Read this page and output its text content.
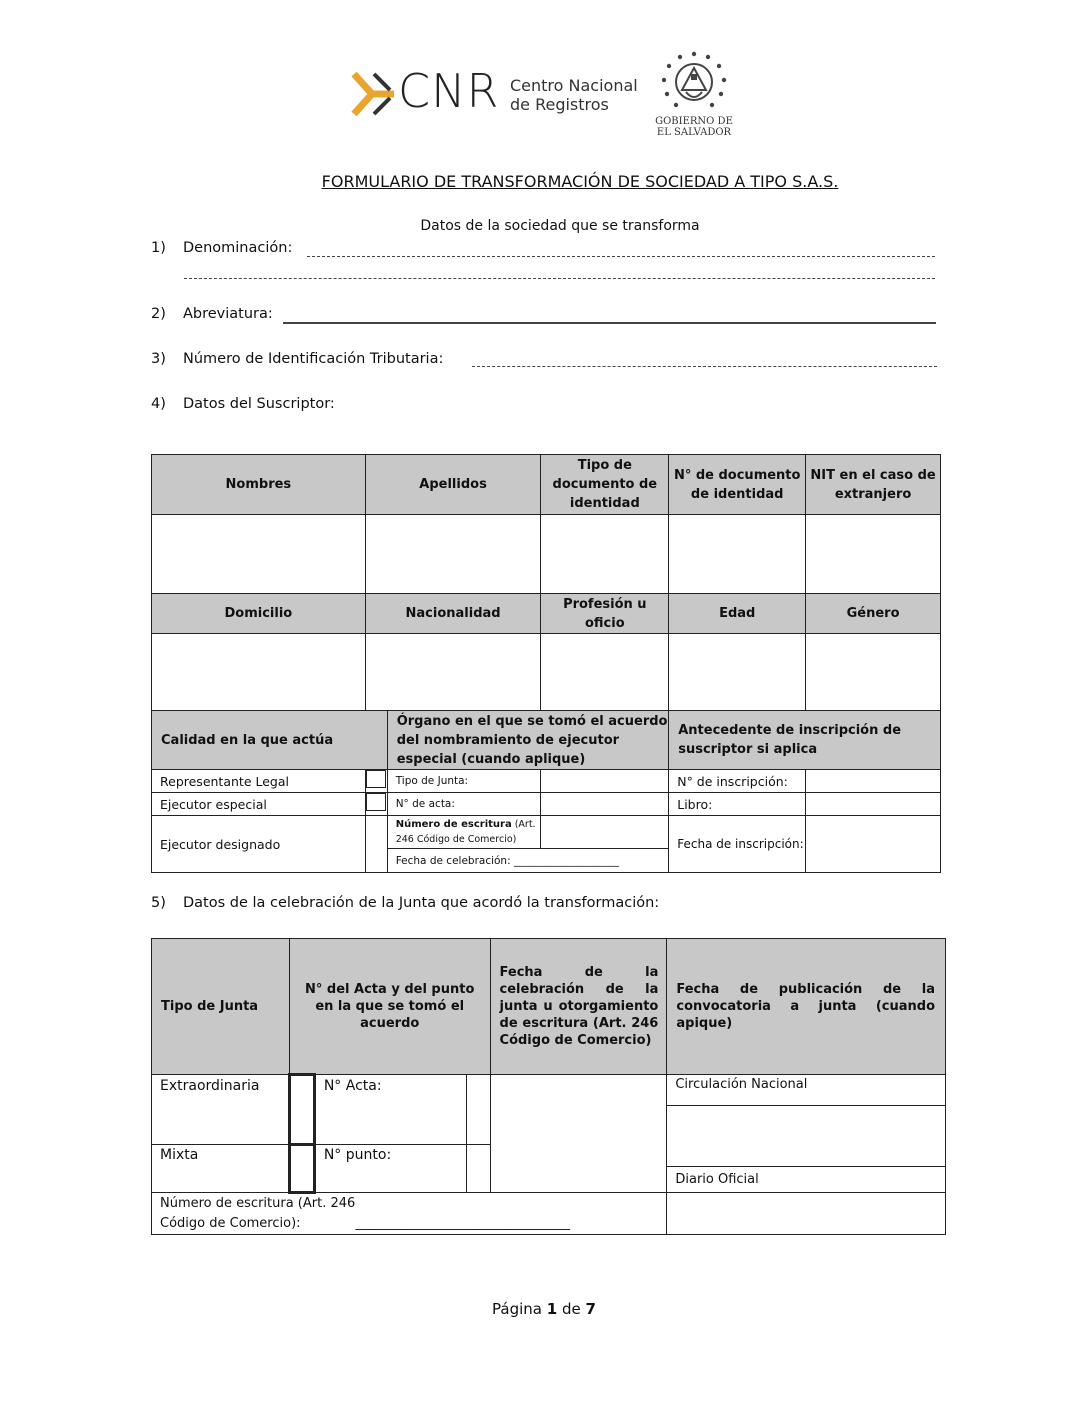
CNR Centro Nacional
de Registros
GOBIERNO DE
EL SALVADOR
FORMULARIO DE TRANSFORMACIÓN DE SOCIEDAD A TIPO S.A.S.
Datos de la sociedad que se transforma
1) Denominación:
2) Abreviatura:
3) Número de Identificación Tributaria:
4) Datos del Suscriptor:
Nombres	Apellidos		Tipo de documento de identidad	N° de documento de identidad	NIT en el caso de extranjero

Domicilio	Nacionalidad		Profesión u oficio	Edad	Género

Calidad en la que actúa		Órgano en el que se tomó el acuerdo del nombramiento de ejecutor especial (cuando aplique)		Antecedente de inscripción de suscriptor si aplica	
Representante Legal		Tipo de Junta:		N° de inscripción:	
Ejecutor especial		N° de acta:		Libro:	
Ejecutor designado		Número de escritura (Art. 246 Código de Comercio)		Fecha de inscripción:	
		Fecha de celebración: ____________________			
5) Datos de la celebración de la Junta que acordó la transformación:
Tipo de Junta	N° del Acta y del punto en la que se tomó el acuerdo			Fecha de la celebración de la junta u otorgamiento de escritura (Art. 246 Código de Comercio)	Fecha de publicación de la convocatoria a junta (cuando apique)
Extraordinaria		N° Acta:			Circulación Nacional

Mixta		N° punto:			
					Diario Oficial

Número de escritura (Art. 246
Código de Comercio): _________________________________					

Página 1 de 7
